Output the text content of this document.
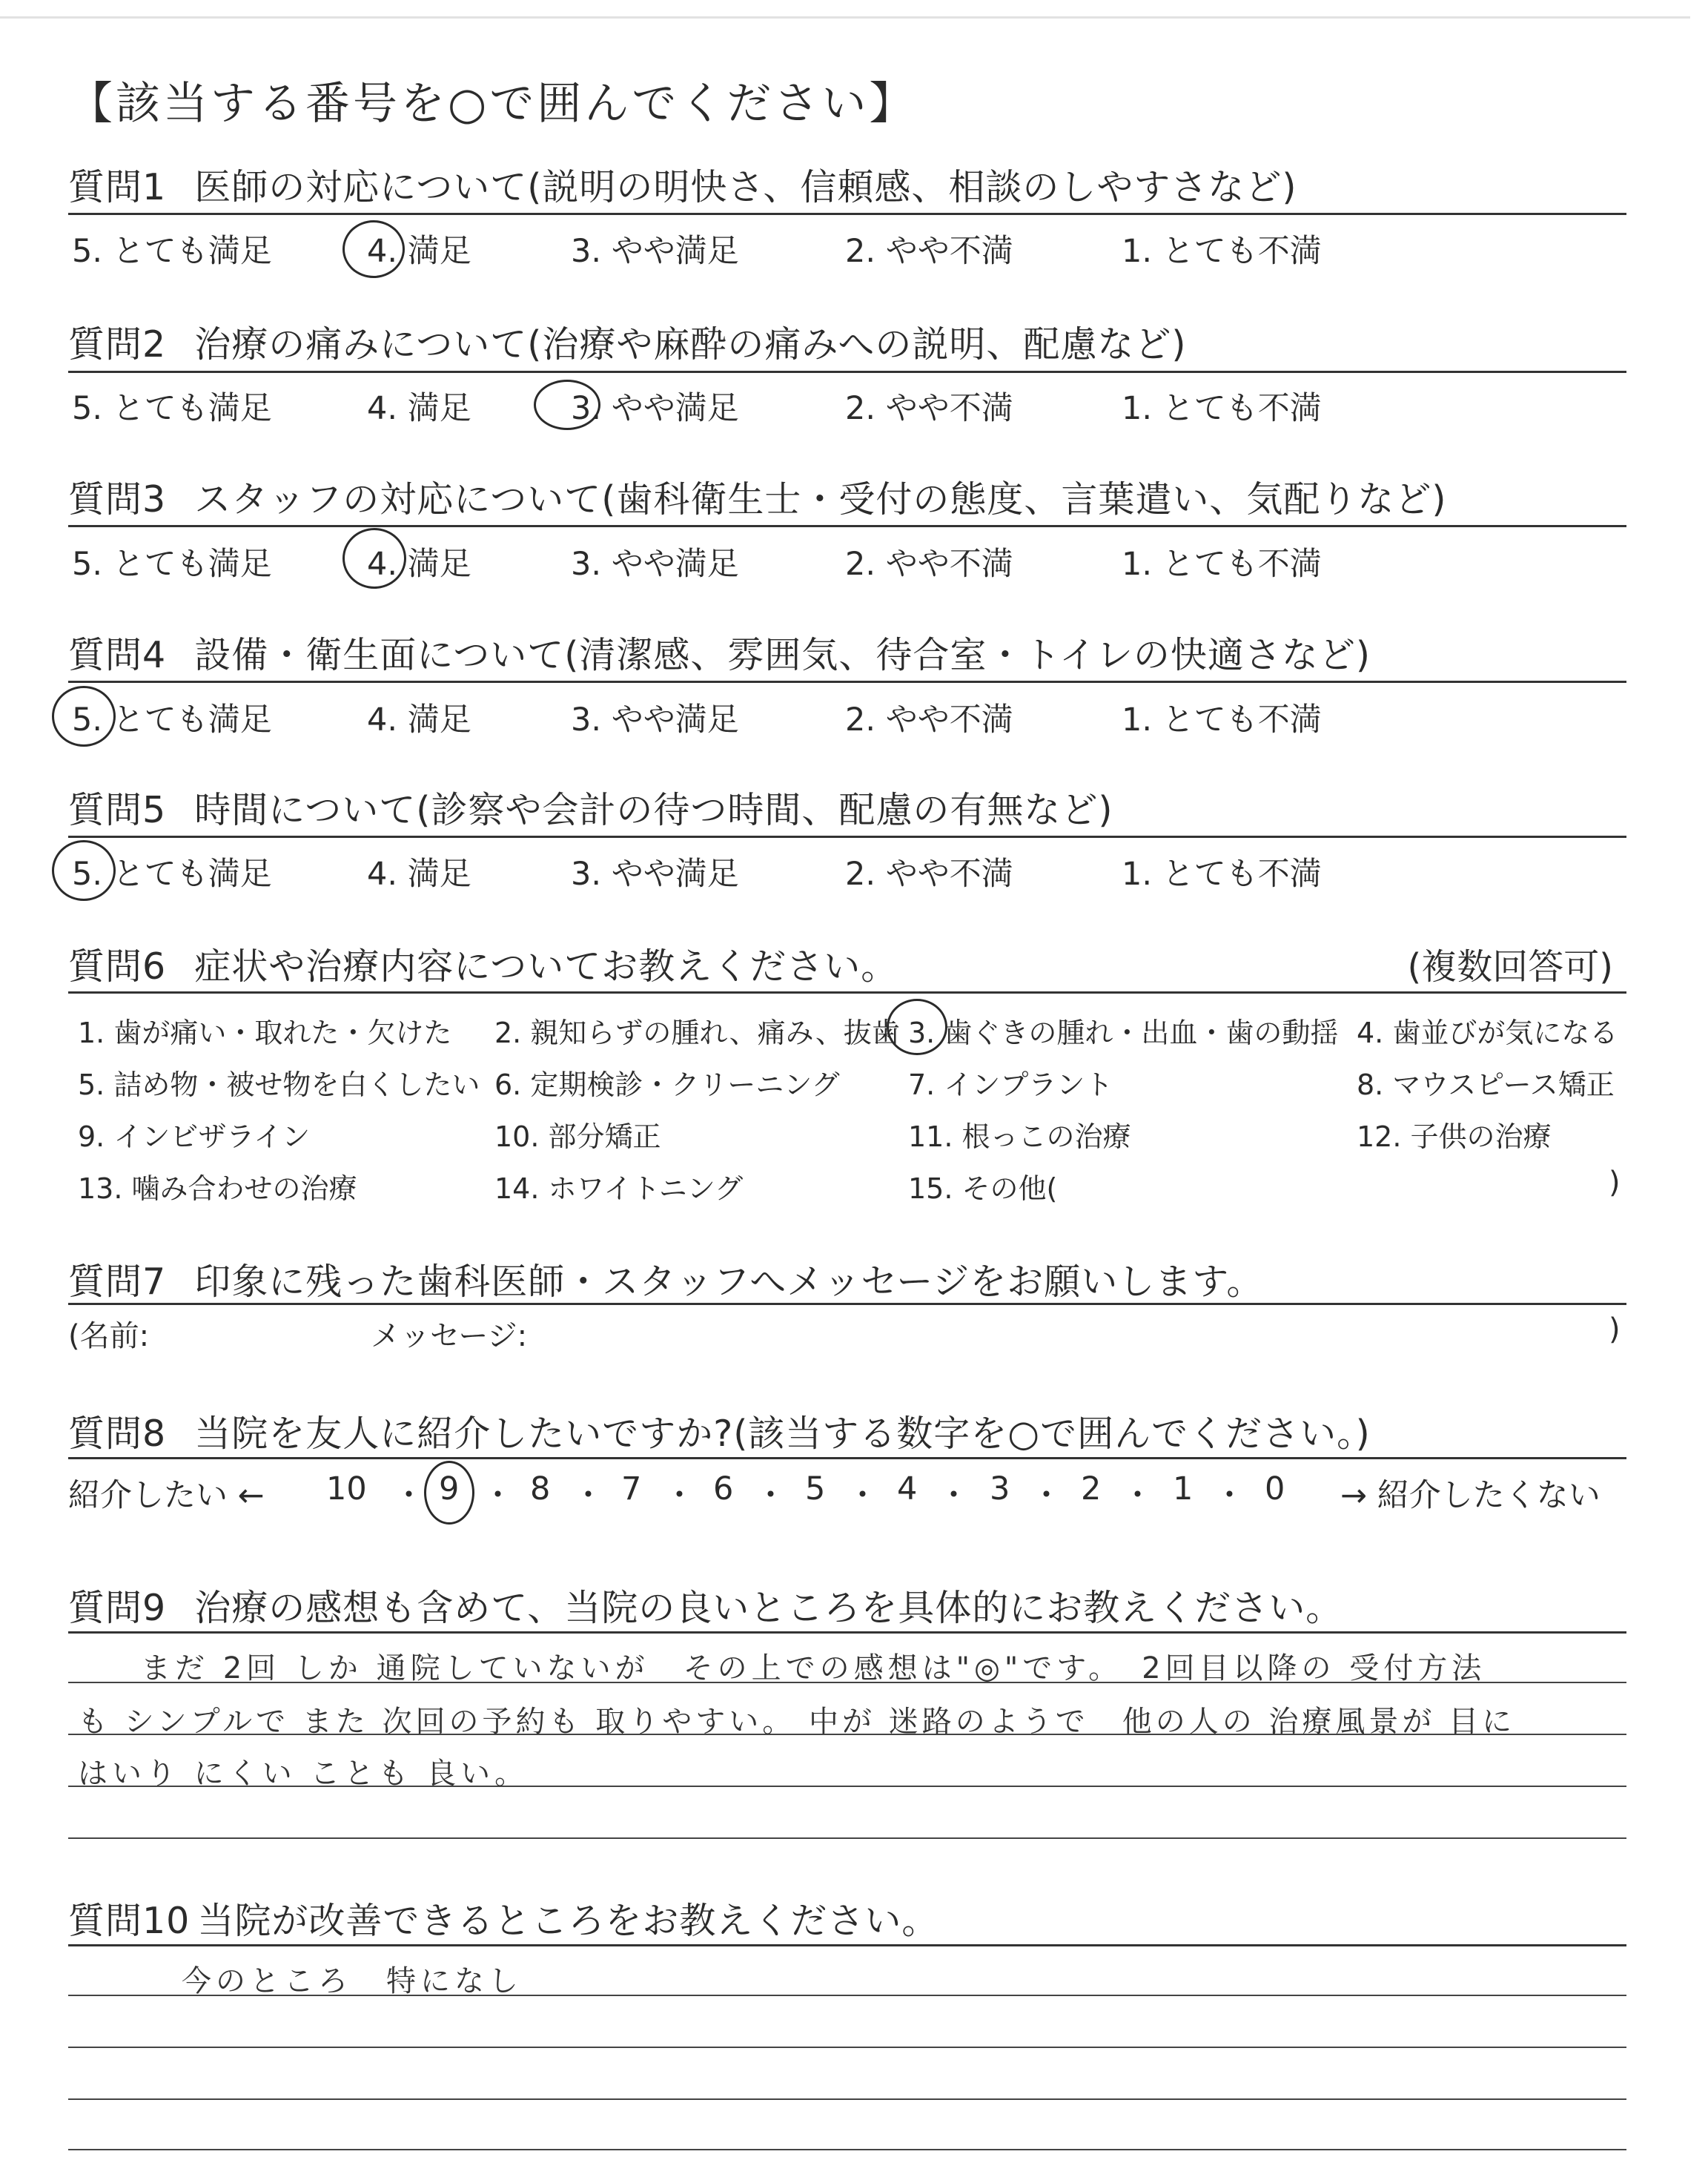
【該当する番号を○で囲んでください】
質問1 医師の対応について(説明の明快さ、信頼感、相談のしやすさなど)
5. とても満足	4. 満足	3. やや満足	2. やや不満	1. とても不満
質問2 治療の痛みについて(治療や麻酔の痛みへの説明、配慮など)
5. とても満足	4. 満足	3. やや満足	2. やや不満	1. とても不満
質問3 スタッフの対応について(歯科衛生士・受付の態度、言葉遣い、気配りなど)
5. とても満足	4. 満足	3. やや満足	2. やや不満	1. とても不満
質問4 設備・衛生面について(清潔感、雰囲気、待合室・トイレの快適さなど)
5. とても満足	4. 満足	3. やや満足	2. やや不満	1. とても不満
質問5 時間について(診察や会計の待つ時間、配慮の有無など)
5. とても満足	4. 満足	3. やや満足	2. やや不満	1. とても不満
質問6 症状や治療内容についてお教えください。	(複数回答可)
1. 歯が痛い・取れた・欠けた 2. 親知らずの腫れ、痛み、抜歯 3. 歯ぐきの腫れ・出血・歯の動揺 4. 歯並びが気になる
5. 詰め物・被せ物を白くしたい 6. 定期検診・クリーニング 7. インプラント	8. マウスピース矯正
9. インビザライン	10. 部分矯正	11. 根っこの治療	12. 子供の治療
13. 噛み合わせの治療	14. ホワイトニング	15. その他(	)
質問7 印象に残った歯科医師・スタッフへメッセージをお願いします。
(名前:	メッセージ:	)
質問8 当院を友人に紹介したいですか?(該当する数字を○で囲んでください。)
紹介したい ← 10 ・ 9 ・ 8 ・ 7 ・ 6 ・ 5 ・ 4 ・ 3 ・ 2 ・ 1 ・ 0 → 紹介したくない
質問9 治療の感想も含めて、当院の良いところを具体的にお教えください。
まだ 2回 しか 通院していないが　その上での感想は"◎"です。　2回目以降の 受付方法
も シンプルで また 次回の予約も 取りやすい。 中が 迷路のようで　他の人の 治療風景が 目に
はいり にくい ことも 良い。
質問10 当院が改善できるところをお教えください。
今のところ　特になし
